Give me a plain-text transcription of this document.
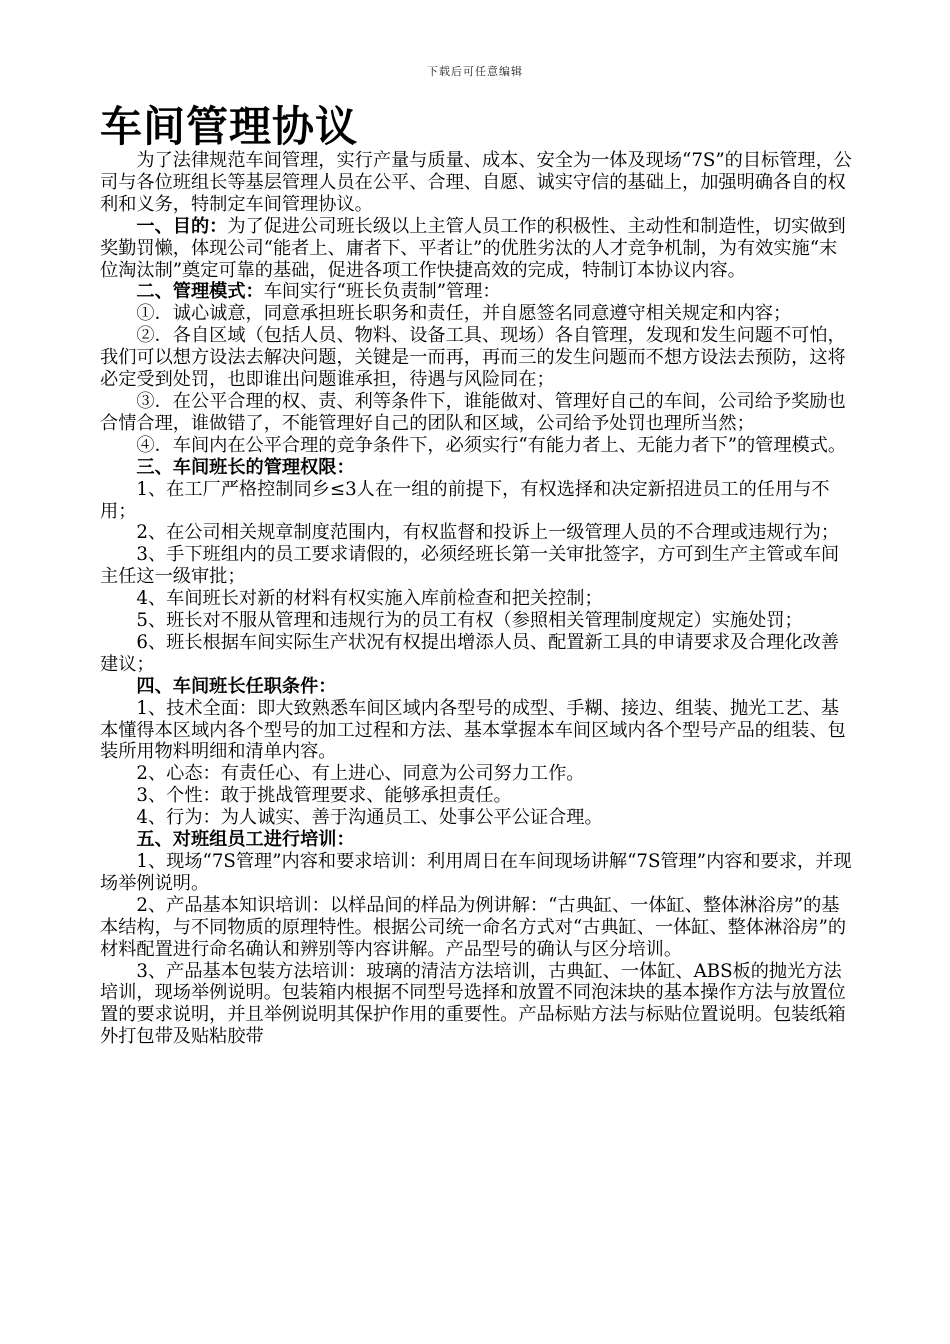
下载后可任意编辑
车间管理协议

为了法律规范车间管理，实行产量与质量、成本、安全为一体及现场“7S”的目标管理，公司与各位班组长等基层管理人员在公平、合理、自愿、诚实守信的基础上，加强明确各自的权利和义务，特制定车间管理协议。

一、目的：为了促进公司班长级以上主管人员工作的积极性、主动性和制造性，切实做到奖勤罚懒，体现公司“能者上、庸者下、平者让”的优胜劣汰的人才竞争机制，为有效实施“末位淘汰制”奠定可靠的基础，促进各项工作快捷高效的完成，特制订本协议内容。

二、管理模式：车间实行“班长负责制”管理：

①．诚心诚意，同意承担班长职务和责任，并自愿签名同意遵守相关规定和内容；

②．各自区域（包括人员、物料、设备工具、现场）各自管理，发现和发生问题不可怕，我们可以想方设法去解决问题，关键是一而再，再而三的发生问题而不想方设法去预防，这将必定受到处罚，也即谁出问题谁承担，待遇与风险同在；

③．在公平合理的权、责、利等条件下，谁能做对、管理好自己的车间，公司给予奖励也合情合理，谁做错了，不能管理好自己的团队和区域，公司给予处罚也理所当然；

④．车间内在公平合理的竞争条件下，必须实行“有能力者上、无能力者下”的管理模式。

三、车间班长的管理权限：

1、在工厂严格控制同乡≤3人在一组的前提下，有权选择和决定新招进员工的任用与不用；

2、在公司相关规章制度范围内，有权监督和投诉上一级管理人员的不合理或违规行为；

3、手下班组内的员工要求请假的，必须经班长第一关审批签字，方可到生产主管或车间主任这一级审批；

4、车间班长对新的材料有权实施入库前检查和把关控制；

5、班长对不服从管理和违规行为的员工有权（参照相关管理制度规定）实施处罚；

6、班长根据车间实际生产状况有权提出增添人员、配置新工具的申请要求及合理化改善建议；

四、车间班长任职条件：

1、技术全面：即大致熟悉车间区域内各型号的成型、手糊、接边、组装、抛光工艺、基本懂得本区域内各个型号的加工过程和方法、基本掌握本车间区域内各个型号产品的组装、包装所用物料明细和清单内容。

2、心态：有责任心、有上进心、同意为公司努力工作。

3、个性：敢于挑战管理要求、能够承担责任。

4、行为：为人诚实、善于沟通员工、处事公平公证合理。

五、对班组员工进行培训：

1、现场“7S管理”内容和要求培训：利用周日在车间现场讲解“7S管理”内容和要求，并现场举例说明。

2、产品基本知识培训：以样品间的样品为例讲解：“古典缸、一体缸、整体淋浴房”的基本结构，与不同物质的原理特性。根据公司统一命名方式对“古典缸、一体缸、整体淋浴房”的材料配置进行命名确认和辨别等内容讲解。产品型号的确认与区分培训。

3、产品基本包装方法培训：玻璃的清洁方法培训，古典缸、一体缸、ABS板的抛光方法培训，现场举例说明。包装箱内根据不同型号选择和放置不同泡沫块的基本操作方法与放置位置的要求说明，并且举例说明其保护作用的重要性。产品标贴方法与标贴位置说明。包装纸箱外打包带及贴粘胶带
